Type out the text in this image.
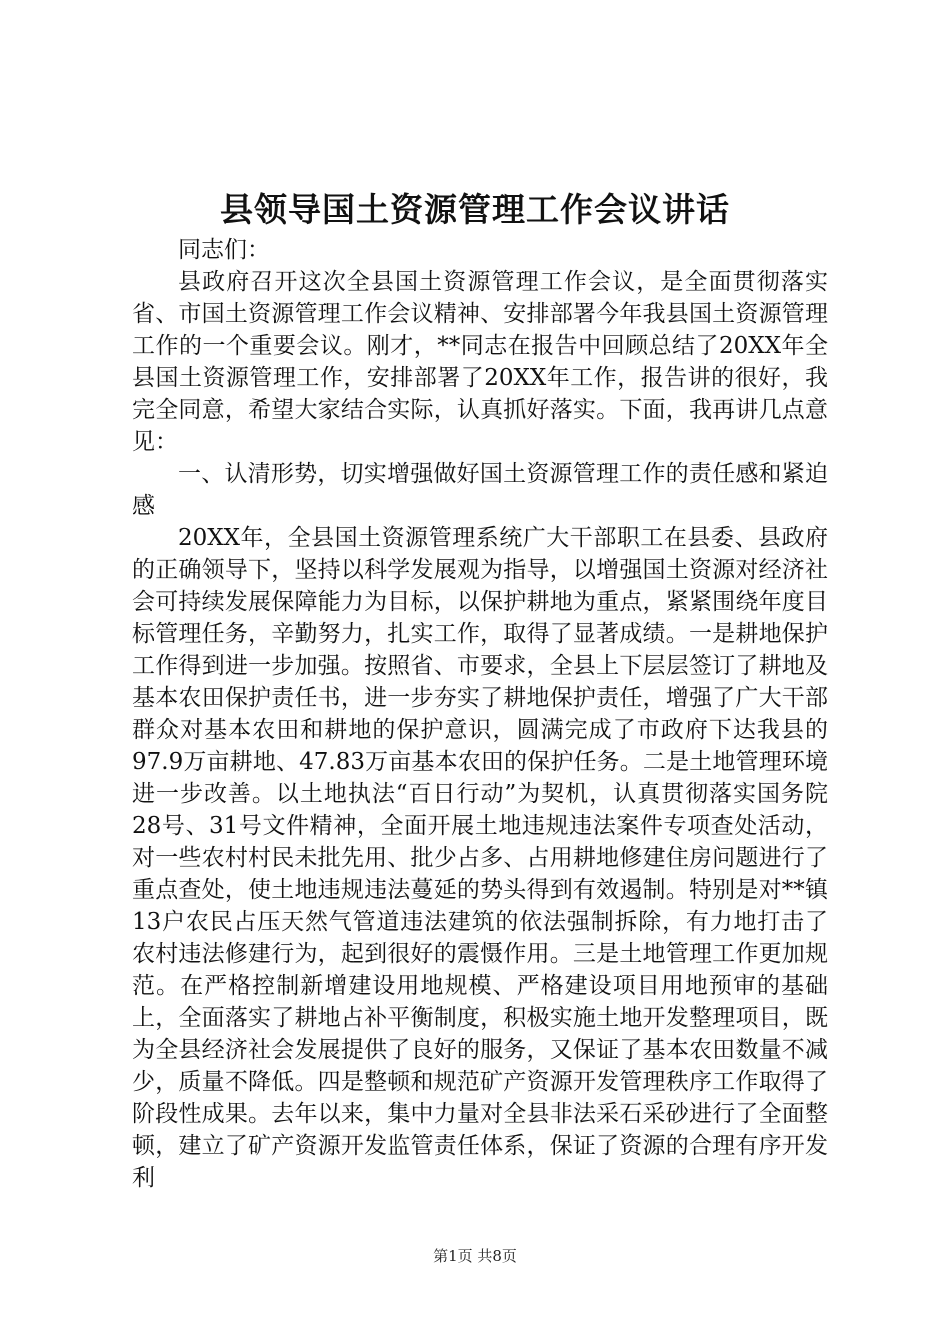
县领导国土资源管理工作会议讲话

同志们：

县政府召开这次全县国土资源管理工作会议，是全面贯彻落实省、市国土资源管理工作会议精神、安排部署今年我县国土资源管理工作的一个重要会议。刚才，**同志在报告中回顾总结了20XX年全县国土资源管理工作，安排部署了20XX年工作，报告讲的很好，我完全同意，希望大家结合实际，认真抓好落实。下面，我再讲几点意见：

一、认清形势，切实增强做好国土资源管理工作的责任感和紧迫感

20XX年，全县国土资源管理系统广大干部职工在县委、县政府的正确领导下，坚持以科学发展观为指导，以增强国土资源对经济社会可持续发展保障能力为目标，以保护耕地为重点，紧紧围绕年度目标管理任务，辛勤努力，扎实工作，取得了显著成绩。一是耕地保护工作得到进一步加强。按照省、市要求，全县上下层层签订了耕地及基本农田保护责任书，进一步夯实了耕地保护责任，增强了广大干部群众对基本农田和耕地的保护意识，圆满完成了市政府下达我县的97.9万亩耕地、47.83万亩基本农田的保护任务。二是土地管理环境进一步改善。以土地执法“百日行动”为契机，认真贯彻落实国务院28号、31号文件精神，全面开展土地违规违法案件专项查处活动，对一些农村村民未批先用、批少占多、占用耕地修建住房问题进行了重点查处，使土地违规违法蔓延的势头得到有效遏制。特别是对**镇13户农民占压天然气管道违法建筑的依法强制拆除，有力地打击了农村违法修建行为，起到很好的震慑作用。三是土地管理工作更加规范。在严格控制新增建设用地规模、严格建设项目用地预审的基础上，全面落实了耕地占补平衡制度，积极实施土地开发整理项目，既为全县经济社会发展提供了良好的服务，又保证了基本农田数量不减少，质量不降低。四是整顿和规范矿产资源开发管理秩序工作取得了阶段性成果。去年以来，集中力量对全县非法采石采砂进行了全面整顿，建立了矿产资源开发监管责任体系，保证了资源的合理有序开发利

第1页 共8页
